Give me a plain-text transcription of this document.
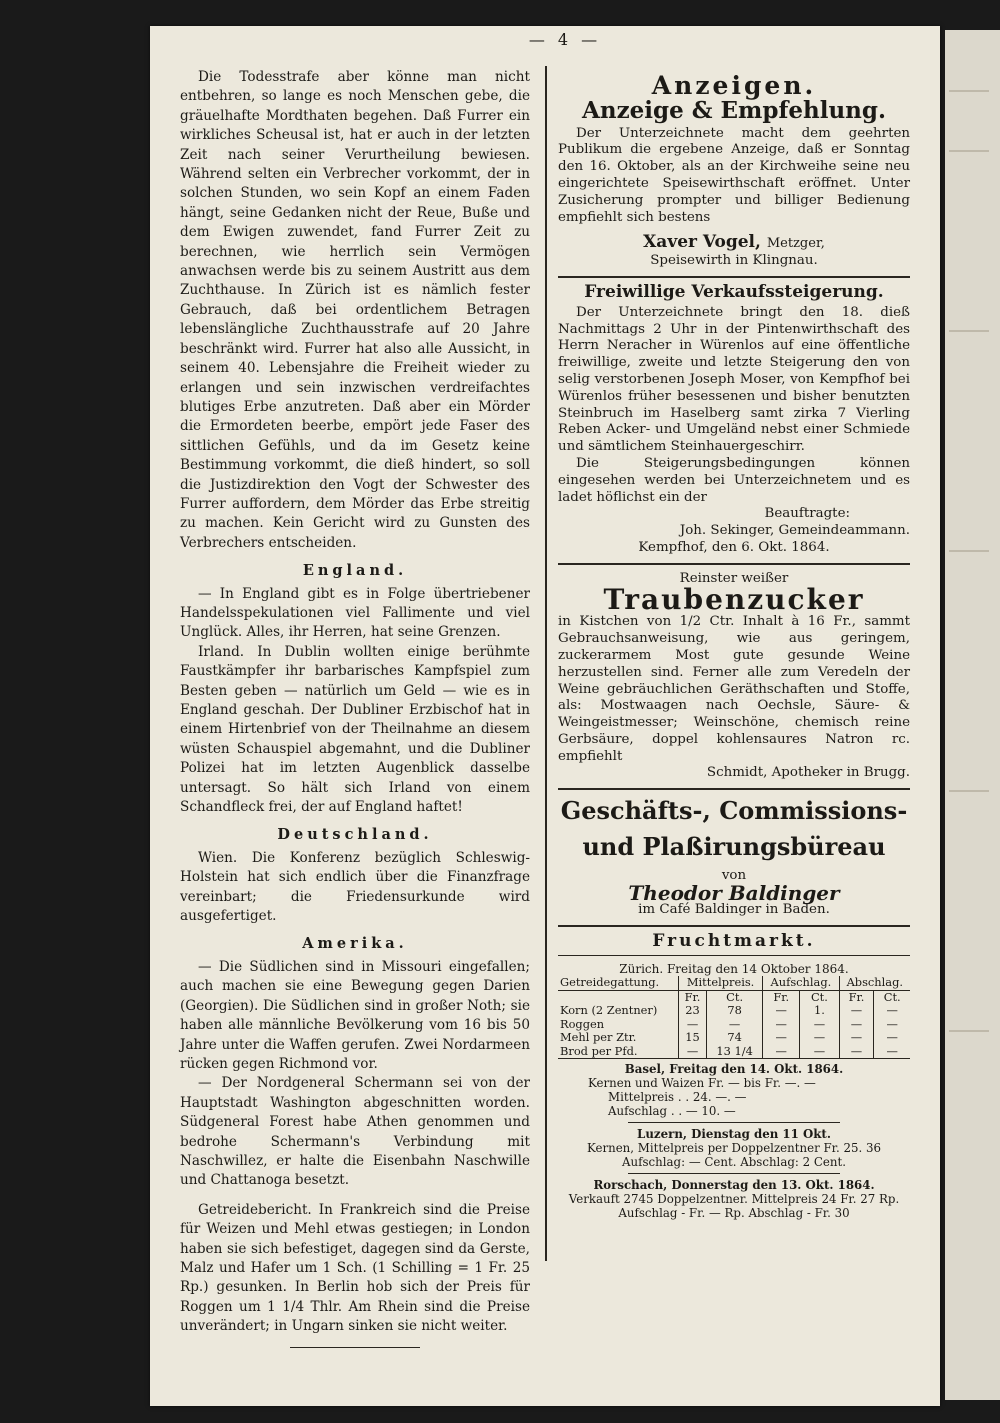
— 4 —

Die Todesstrafe aber könne man nicht entbehren, so lange es noch Menschen gebe, die gräuelhafte Mordthaten begehen. Daß Furrer ein wirkliches Scheusal ist, hat er auch in der letzten Zeit nach seiner Verurtheilung bewiesen. Während selten ein Verbrecher vorkommt, der in solchen Stunden, wo sein Kopf an einem Faden hängt, seine Gedanken nicht der Reue, Buße und dem Ewigen zuwendet, fand Furrer Zeit zu berechnen, wie herrlich sein Vermögen anwachsen werde bis zu seinem Austritt aus dem Zuchthause. In Zürich ist es nämlich fester Gebrauch, daß bei ordentlichem Betragen lebenslängliche Zuchthausstrafe auf 20 Jahre beschränkt wird. Furrer hat also alle Aussicht, in seinem 40. Lebensjahre die Freiheit wieder zu erlangen und sein inzwischen verdreifachtes blutiges Erbe anzutreten. Daß aber ein Mörder die Ermordeten beerbe, empört jede Faser des sittlichen Gefühls, und da im Gesetz keine Bestimmung vorkommt, die dieß hindert, so soll die Justizdirektion den Vogt der Schwester des Furrer auffordern, dem Mörder das Erbe streitig zu machen. Kein Gericht wird zu Gunsten des Verbrechers entscheiden.

England.

— In England gibt es in Folge übertriebener Handelsspekulationen viel Fallimente und viel Unglück. Alles, ihr Herren, hat seine Grenzen.

Irland. In Dublin wollten einige berühmte Faustkämpfer ihr barbarisches Kampfspiel zum Besten geben — natürlich um Geld — wie es in England geschah. Der Dubliner Erzbischof hat in einem Hirtenbrief von der Theilnahme an diesem wüsten Schauspiel abgemahnt, und die Dubliner Polizei hat im letzten Augenblick dasselbe untersagt. So hält sich Irland von einem Schandfleck frei, der auf England haftet!

Deutschland.

Wien. Die Konferenz bezüglich Schleswig-Holstein hat sich endlich über die Finanzfrage vereinbart; die Friedensurkunde wird ausgefertiget.

Amerika.

— Die Südlichen sind in Missouri eingefallen; auch machen sie eine Bewegung gegen Darien (Georgien). Die Südlichen sind in großer Noth; sie haben alle männliche Bevölkerung vom 16 bis 50 Jahre unter die Waffen gerufen. Zwei Nordarmeen rücken gegen Richmond vor.

— Der Nordgeneral Schermann sei von der Hauptstadt Washington abgeschnitten worden. Südgeneral Forest habe Athen genommen und bedrohe Schermann's Verbindung mit Naschwillez, er halte die Eisenbahn Naschwille und Chattanoga besetzt.

Getreidebericht. In Frankreich sind die Preise für Weizen und Mehl etwas gestiegen; in London haben sie sich befestiget, dagegen sind da Gerste, Malz und Hafer um 1 Sch. (1 Schilling = 1 Fr. 25 Rp.) gesunken. In Berlin hob sich der Preis für Roggen um 1 1/4 Thlr. Am Rhein sind die Preise unverändert; in Ungarn sinken sie nicht weiter.

Anzeigen.
Anzeige & Empfehlung.

Der Unterzeichnete macht dem geehrten Publikum die ergebene Anzeige, daß er Sonntag den 16. Oktober, als an der Kirchweihe seine neu eingerichtete Speisewirthschaft eröffnet. Unter Zusicherung prompter und billiger Bedienung empfiehlt sich bestens

Xaver Vogel, Metzger,
Speisewirth in Klingnau.
Freiwillige Verkaufssteigerung.

Der Unterzeichnete bringt den 18. dieß Nachmittags 2 Uhr in der Pintenwirthschaft des Herrn Neracher in Würenlos auf eine öffentliche freiwillige, zweite und letzte Steigerung den von selig verstorbenen Joseph Moser, von Kempfhof bei Würenlos früher besessenen und bisher benutzten Steinbruch im Haselberg samt zirka 7 Vierling Reben Acker- und Umgeländ nebst einer Schmiede und sämtlichem Steinhauergeschirr.

Die Steigerungsbedingungen können eingesehen werden bei Unterzeichnetem und es ladet höflichst ein der

Beauftragte:
Joh. Sekinger, Gemeindeammann.
Kempfhof, den 6. Okt. 1864.
Reinster weißer
Traubenzucker

in Kistchen von 1/2 Ctr. Inhalt à 16 Fr., sammt Gebrauchsanweisung, wie aus geringem, zuckerarmem Most gute gesunde Weine herzustellen sind. Ferner alle zum Veredeln der Weine gebräuchlichen Geräthschaften und Stoffe, als: Mostwaagen nach Oechsle, Säure- & Weingeistmesser; Weinschöne, chemisch reine Gerbsäure, doppel kohlensaures Natron rc. empfiehlt

Schmidt, Apotheker in Brugg.
Geschäfts-, Commissions-
und Plaßirungsbüreau
von
Theodor Baldinger
im Café Baldinger in Baden.
Fruchtmarkt.
Zürich. Freitag den 14 Oktober 1864.
Getreidegattung.	Mittelpreis.		Aufschlag.		Abschlag.	
	Fr.	Ct.	Fr.	Ct.	Fr.	Ct.
Korn (2 Zentner)	23	78	—	1.	—	—
Roggen	—	—	—	—	—	—
Mehl per Ztr.	15	74	—	—	—	—
Brod per Pfd.	—	13 1/4	—	—	—	—
Basel, Freitag den 14. Okt. 1864.
Kernen und Waizen Fr. — bis Fr. —. —
Mittelpreis . . 24. —. —
Aufschlag . . — 10. —
Luzern, Dienstag den 11 Okt.
Kernen, Mittelpreis per Doppelzentner Fr. 25. 36
Aufschlag: — Cent. Abschlag: 2 Cent.
Rorschach, Donnerstag den 13. Okt. 1864.
Verkauft 2745 Doppelzentner. Mittelpreis 24 Fr. 27 Rp.
Aufschlag - Fr. — Rp. Abschlag - Fr. 30
